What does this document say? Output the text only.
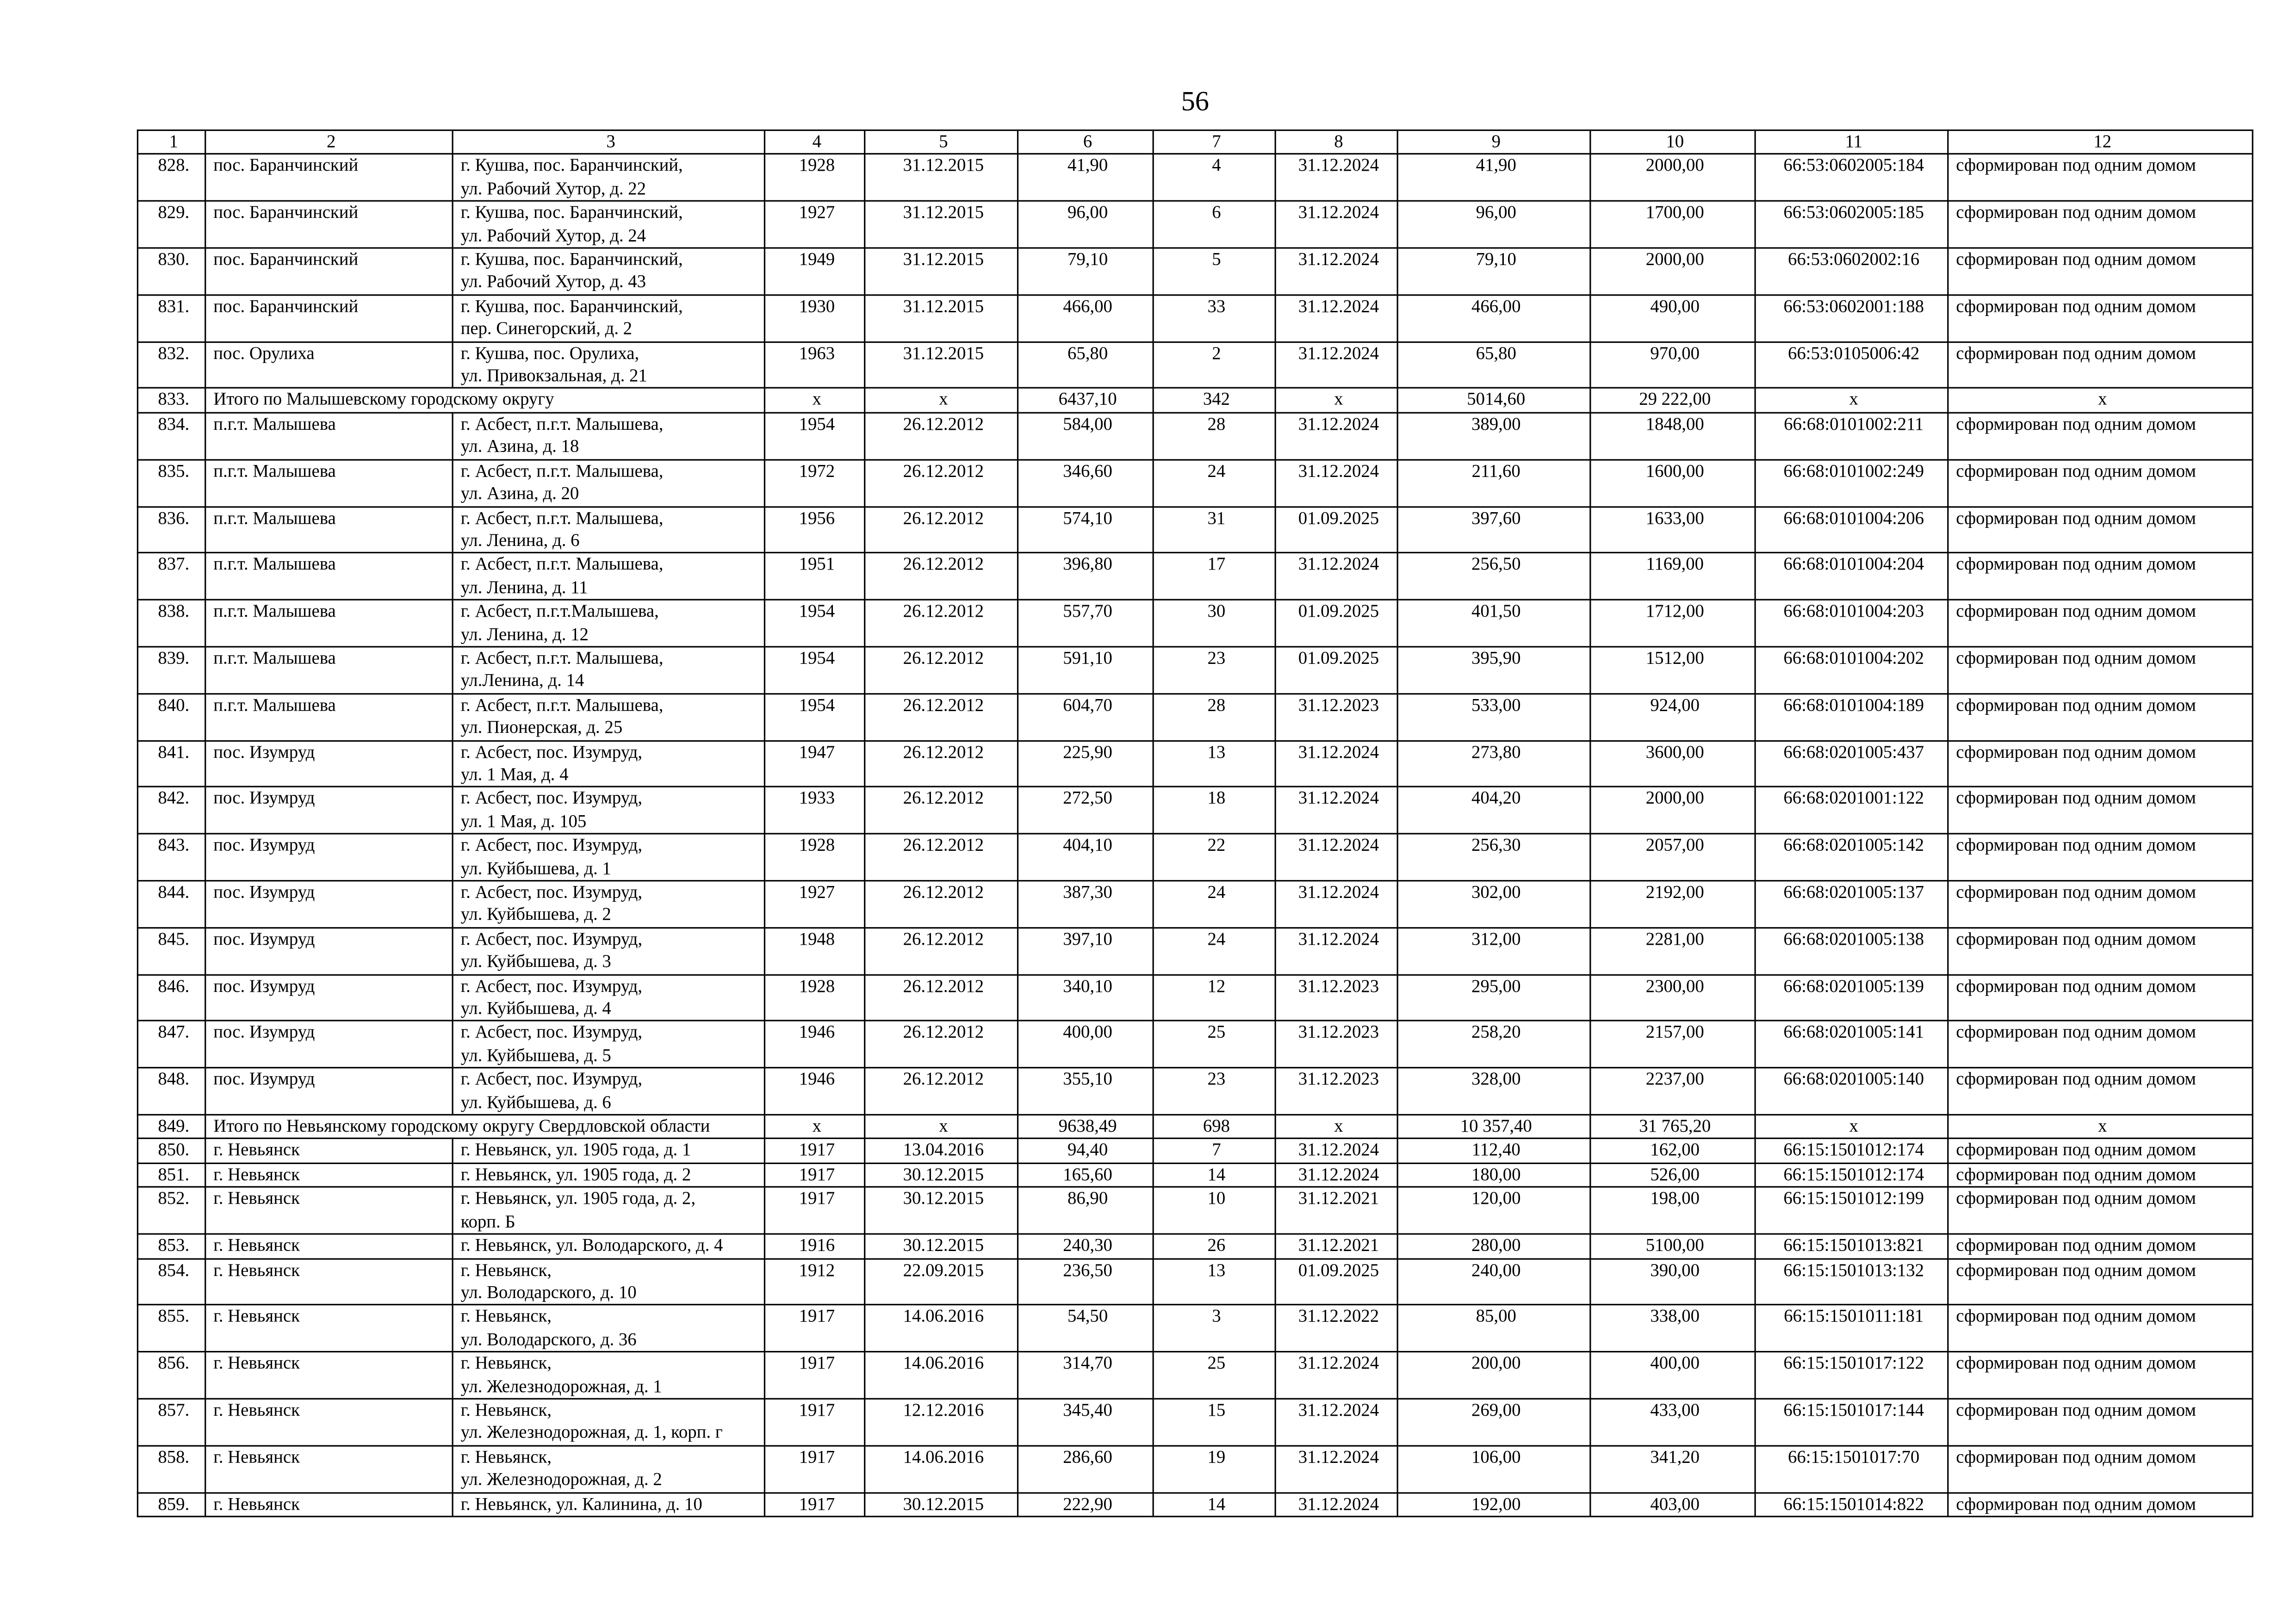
56
1	2	3	4	5	6	7	8	9	10	11	12
828.	пос. Баранчинский	г. Кушва, пос. Баранчинский,
ул. Рабочий Хутор, д. 22	1928	31.12.2015	41,90	4	31.12.2024	41,90	2000,00	66:53:0602005:184	сформирован под одним домом
829.	пос. Баранчинский	г. Кушва, пос. Баранчинский,
ул. Рабочий Хутор, д. 24	1927	31.12.2015	96,00	6	31.12.2024	96,00	1700,00	66:53:0602005:185	сформирован под одним домом
830.	пос. Баранчинский	г. Кушва, пос. Баранчинский,
ул. Рабочий Хутор, д. 43	1949	31.12.2015	79,10	5	31.12.2024	79,10	2000,00	66:53:0602002:16	сформирован под одним домом
831.	пос. Баранчинский	г. Кушва, пос. Баранчинский,
пер. Синегорский, д. 2	1930	31.12.2015	466,00	33	31.12.2024	466,00	490,00	66:53:0602001:188	сформирован под одним домом
832.	пос. Орулиха	г. Кушва, пос. Орулиха,
ул. Привокзальная, д. 21	1963	31.12.2015	65,80	2	31.12.2024	65,80	970,00	66:53:0105006:42	сформирован под одним домом
833.	Итого по Малышевскому городскому округу		x	x	6437,10	342	x	5014,60	29 222,00	x	x
834.	п.г.т. Малышева	г. Асбест, п.г.т. Малышева,
ул. Азина, д. 18	1954	26.12.2012	584,00	28	31.12.2024	389,00	1848,00	66:68:0101002:211	сформирован под одним домом
835.	п.г.т. Малышева	г. Асбест, п.г.т. Малышева,
ул. Азина, д. 20	1972	26.12.2012	346,60	24	31.12.2024	211,60	1600,00	66:68:0101002:249	сформирован под одним домом
836.	п.г.т. Малышева	г. Асбест, п.г.т. Малышева,
ул. Ленина, д. 6	1956	26.12.2012	574,10	31	01.09.2025	397,60	1633,00	66:68:0101004:206	сформирован под одним домом
837.	п.г.т. Малышева	г. Асбест, п.г.т. Малышева,
ул. Ленина, д. 11	1951	26.12.2012	396,80	17	31.12.2024	256,50	1169,00	66:68:0101004:204	сформирован под одним домом
838.	п.г.т. Малышева	г. Асбест, п.г.т.Малышева,
ул. Ленина, д. 12	1954	26.12.2012	557,70	30	01.09.2025	401,50	1712,00	66:68:0101004:203	сформирован под одним домом
839.	п.г.т. Малышева	г. Асбест, п.г.т. Малышева,
ул.Ленина, д. 14	1954	26.12.2012	591,10	23	01.09.2025	395,90	1512,00	66:68:0101004:202	сформирован под одним домом
840.	п.г.т. Малышева	г. Асбест, п.г.т. Малышева,
ул. Пионерская, д. 25	1954	26.12.2012	604,70	28	31.12.2023	533,00	924,00	66:68:0101004:189	сформирован под одним домом
841.	пос. Изумруд	г. Асбест, пос. Изумруд,
ул. 1 Мая, д. 4	1947	26.12.2012	225,90	13	31.12.2024	273,80	3600,00	66:68:0201005:437	сформирован под одним домом
842.	пос. Изумруд	г. Асбест, пос. Изумруд,
ул. 1 Мая, д. 105	1933	26.12.2012	272,50	18	31.12.2024	404,20	2000,00	66:68:0201001:122	сформирован под одним домом
843.	пос. Изумруд	г. Асбест, пос. Изумруд,
ул. Куйбышева, д. 1	1928	26.12.2012	404,10	22	31.12.2024	256,30	2057,00	66:68:0201005:142	сформирован под одним домом
844.	пос. Изумруд	г. Асбест, пос. Изумруд,
ул. Куйбышева, д. 2	1927	26.12.2012	387,30	24	31.12.2024	302,00	2192,00	66:68:0201005:137	сформирован под одним домом
845.	пос. Изумруд	г. Асбест, пос. Изумруд,
ул. Куйбышева, д. 3	1948	26.12.2012	397,10	24	31.12.2024	312,00	2281,00	66:68:0201005:138	сформирован под одним домом
846.	пос. Изумруд	г. Асбест, пос. Изумруд,
ул. Куйбышева, д. 4	1928	26.12.2012	340,10	12	31.12.2023	295,00	2300,00	66:68:0201005:139	сформирован под одним домом
847.	пос. Изумруд	г. Асбест, пос. Изумруд,
ул. Куйбышева, д. 5	1946	26.12.2012	400,00	25	31.12.2023	258,20	2157,00	66:68:0201005:141	сформирован под одним домом
848.	пос. Изумруд	г. Асбест, пос. Изумруд,
ул. Куйбышева, д. 6	1946	26.12.2012	355,10	23	31.12.2023	328,00	2237,00	66:68:0201005:140	сформирован под одним домом
849.	Итого по Невьянскому городскому округу Свердловской области		x	x	9638,49	698	x	10 357,40	31 765,20	x	x
850.	г. Невьянск	г. Невьянск, ул. 1905 года, д. 1	1917	13.04.2016	94,40	7	31.12.2024	112,40	162,00	66:15:1501012:174	сформирован под одним домом
851.	г. Невьянск	г. Невьянск, ул. 1905 года, д. 2	1917	30.12.2015	165,60	14	31.12.2024	180,00	526,00	66:15:1501012:174	сформирован под одним домом
852.	г. Невьянск	г. Невьянск, ул. 1905 года, д. 2,
корп. Б	1917	30.12.2015	86,90	10	31.12.2021	120,00	198,00	66:15:1501012:199	сформирован под одним домом
853.	г. Невьянск	г. Невьянск, ул. Володарского, д. 4	1916	30.12.2015	240,30	26	31.12.2021	280,00	5100,00	66:15:1501013:821	сформирован под одним домом
854.	г. Невьянск	г. Невьянск,
ул. Володарского, д. 10	1912	22.09.2015	236,50	13	01.09.2025	240,00	390,00	66:15:1501013:132	сформирован под одним домом
855.	г. Невьянск	г. Невьянск,
ул. Володарского, д. 36	1917	14.06.2016	54,50	3	31.12.2022	85,00	338,00	66:15:1501011:181	сформирован под одним домом
856.	г. Невьянск	г. Невьянск,
ул. Железнодорожная, д. 1	1917	14.06.2016	314,70	25	31.12.2024	200,00	400,00	66:15:1501017:122	сформирован под одним домом
857.	г. Невьянск	г. Невьянск,
ул. Железнодорожная, д. 1, корп. г	1917	12.12.2016	345,40	15	31.12.2024	269,00	433,00	66:15:1501017:144	сформирован под одним домом
858.	г. Невьянск	г. Невьянск,
ул. Железнодорожная, д. 2	1917	14.06.2016	286,60	19	31.12.2024	106,00	341,20	66:15:1501017:70	сформирован под одним домом
859.	г. Невьянск	г. Невьянск, ул. Калинина, д. 10	1917	30.12.2015	222,90	14	31.12.2024	192,00	403,00	66:15:1501014:822	сформирован под одним домом
